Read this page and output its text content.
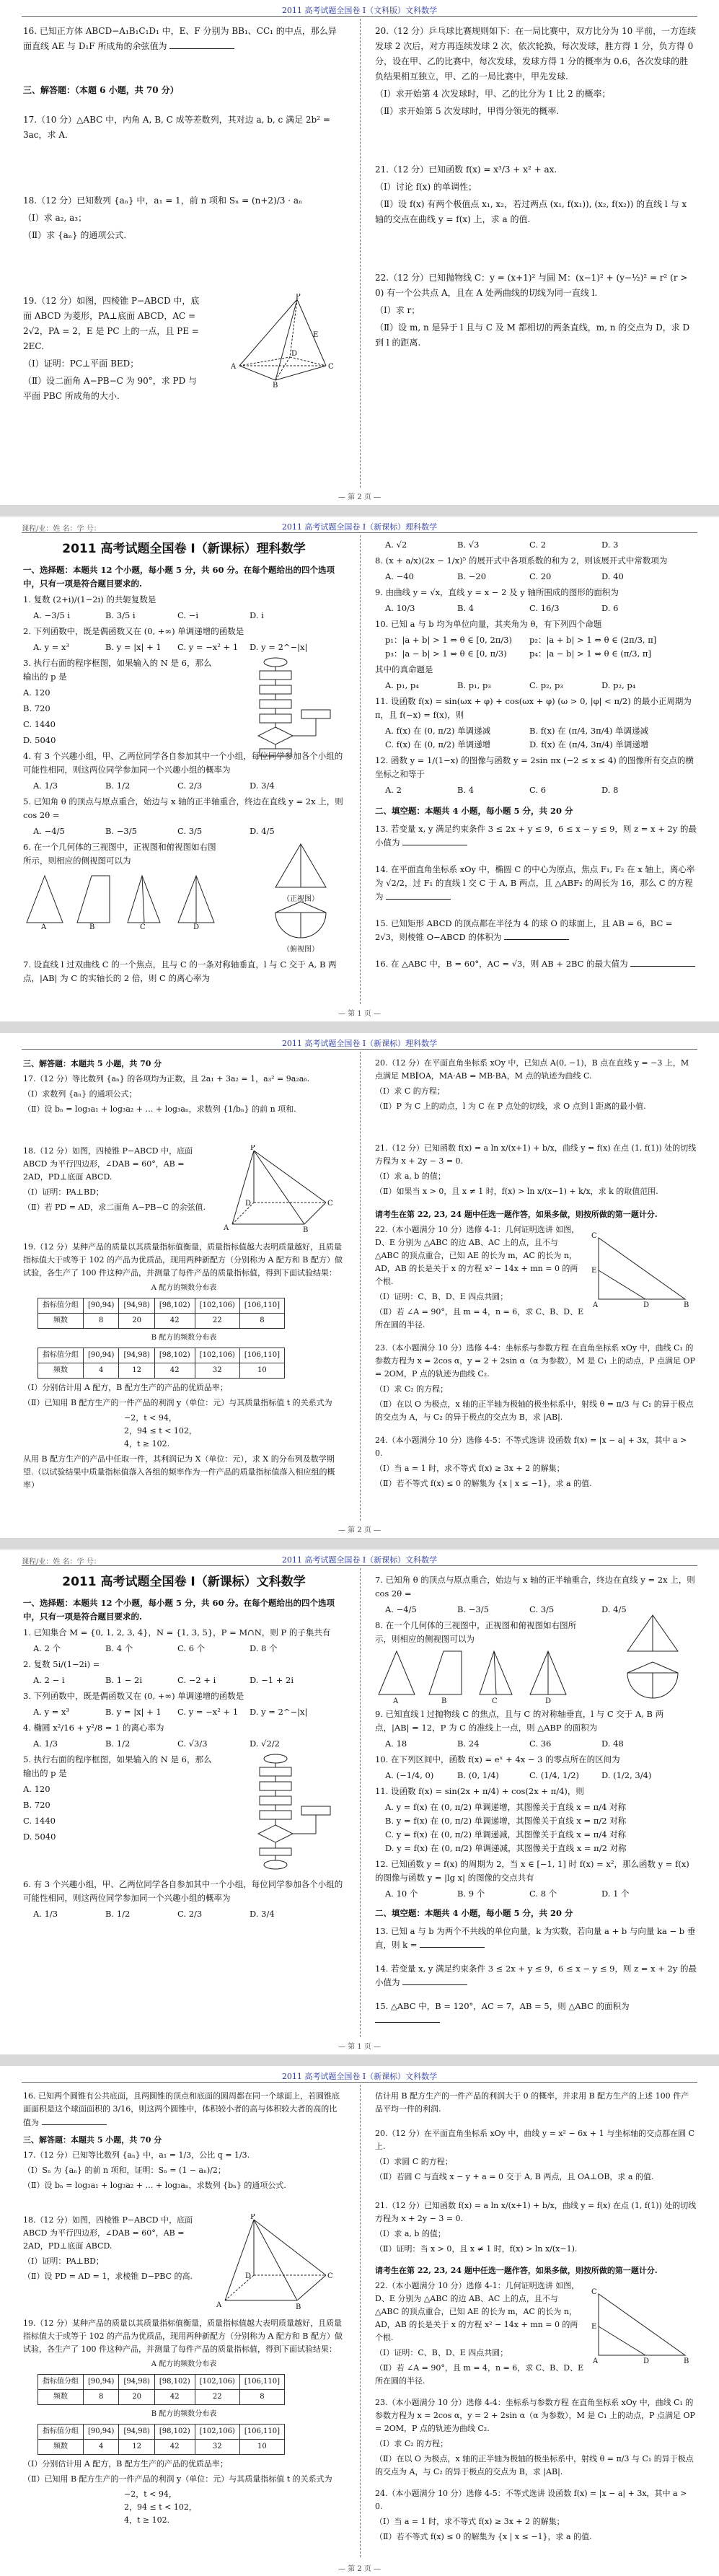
2011 高考试题全国卷 I（文科版）文科数学
16. 已知正方体 ABCD−A₁B₁C₁D₁ 中，E、F 分别为 BB₁、CC₁ 的中点，那么异面直线 AE 与 D₁F 所成角的余弦值为
三、解答题：（本题 6 小题，共 70 分）
17.（10 分）△ABC 中，内角 A, B, C 成等差数列，其对边 a, b, c 满足 2b² = 3ac，求 A.
18.（12 分）已知数列 {aₙ} 中，a₁ = 1，前 n 项和 Sₙ = (n+2)/3 · aₙ
（Ⅰ）求 a₂, a₃；
（Ⅱ）求 {aₙ} 的通项公式.
19.（12 分）如图，四棱锥 P−ABCD 中，底面 ABCD 为菱形，PA⊥底面 ABCD，AC = 2√2，PA = 2，E 是 PC 上的一点，且 PE = 2EC.
（Ⅰ）证明：PC⊥平面 BED；
（Ⅱ）设二面角 A−PB−C 为 90°，求 PD 与平面 PBC 所成角的大小.
P
A
B
C
D
E
20.（12 分）乒乓球比赛规则如下：在一局比赛中，双方比分为 10 平前，一方连续发球 2 次后，对方再连续发球 2 次，依次轮换，每次发球，胜方得 1 分，负方得 0 分，设在甲、乙的比赛中，每次发球，发球方得 1 分的概率为 0.6，各次发球的胜负结果相互独立，甲、乙的一局比赛中，甲先发球.
（Ⅰ）求开始第 4 次发球时，甲、乙的比分为 1 比 2 的概率；
（Ⅱ）求开始第 5 次发球时，甲得分领先的概率.
21.（12 分）已知函数 f(x) = x³/3 + x² + ax.
（Ⅰ）讨论 f(x) 的单调性；
（Ⅱ）设 f(x) 有两个极值点 x₁, x₂，若过两点 (x₁, f(x₁)), (x₂, f(x₂)) 的直线 l 与 x 轴的交点在曲线 y = f(x) 上，求 a 的值.
22.（12 分）已知抛物线 C：y = (x+1)² 与圆 M：(x−1)² + (y−½)² = r² (r > 0) 有一个公共点 A，且在 A 处两曲线的切线为同一直线 l.
（Ⅰ）求 r；
（Ⅱ）设 m, n 是异于 l 且与 C 及 M 都相切的两条直线，m, n 的交点为 D，求 D 到 l 的距离.
— 第 2 页 —
课程/业：姓 名：学 号：	2011 高考试题全国卷 I（新课标）理科数学
2011 高考试题全国卷 I（新课标）理科数学
一、选择题：本题共 12 个小题，每小题 5 分，共 60 分。在每个题给出的四个选项中，只有一项是符合题目要求的.
1. 复数 (2+i)/(1−2i) 的共轭复数是
A. −3/5 i	B. 3/5 i	C. −i	D. i
2. 下列函数中，既是偶函数又在 (0, +∞) 单调递增的函数是
A. y = x³	B. y = |x| + 1	C. y = −x² + 1	D. y = 2^−|x|
3. 执行右面的程序框图，如果输入的 N 是 6，那么输出的 p 是
A. 120
B. 720
C. 1440
D. 5040
4. 有 3 个兴趣小组，甲、乙两位同学各自参加其中一个小组，每位同学参加各个小组的可能性相同，则这两位同学参加同一个兴趣小组的概率为
A. 1/3	B. 1/2	C. 2/3	D. 3/4
5. 已知角 θ 的顶点与原点重合，始边与 x 轴的正半轴重合，终边在直线 y = 2x 上，则 cos 2θ =
A. −4/5	B. −3/5	C. 3/5	D. 4/5
6. 在一个几何体的三视图中，正视图和俯视图如右图所示，则相应的侧视图可以为
A	B	C	D
（正视图）
（俯视图）
7. 设直线 l 过双曲线 C 的一个焦点，且与 C 的一条对称轴垂直，l 与 C 交于 A, B 两点，|AB| 为 C 的实轴长的 2 倍，则 C 的离心率为
A. √2	B. √3	C. 2	D. 3
8. (x + a/x)(2x − 1/x)⁵ 的展开式中各项系数的和为 2，则该展开式中常数项为
A. −40	B. −20	C. 20	D. 40
9. 由曲线 y = √x，直线 y = x − 2 及 y 轴所围成的图形的面积为
A. 10/3	B. 4	C. 16/3	D. 6
10. 已知 a 与 b 均为单位向量，其夹角为 θ，有下列四个命题
p₁：|a + b| > 1 ⇔ θ ∈ [0, 2π/3)	p₂：|a + b| > 1 ⇔ θ ∈ (2π/3, π]
p₃：|a − b| > 1 ⇔ θ ∈ [0, π/3)	p₄：|a − b| > 1 ⇔ θ ∈ (π/3, π]
其中的真命题是
A. p₁, p₄	B. p₁, p₃	C. p₂, p₃	D. p₂, p₄
11. 设函数 f(x) = sin(ωx + φ) + cos(ωx + φ) (ω > 0, |φ| < π/2) 的最小正周期为 π，且 f(−x) = f(x)，则
A. f(x) 在 (0, π/2) 单调递减	B. f(x) 在 (π/4, 3π/4) 单调递减
C. f(x) 在 (0, π/2) 单调递增	D. f(x) 在 (π/4, 3π/4) 单调递增
12. 函数 y = 1/(1−x) 的图像与函数 y = 2sin πx (−2 ≤ x ≤ 4) 的图像所有交点的横坐标之和等于
A. 2	B. 4	C. 6	D. 8
二、填空题：本题共 4 小题，每小题 5 分，共 20 分
13. 若变量 x, y 满足约束条件 3 ≤ 2x + y ≤ 9，6 ≤ x − y ≤ 9，则 z = x + 2y 的最小值为
14. 在平面直角坐标系 xOy 中，椭圆 C 的中心为原点，焦点 F₁, F₂ 在 x 轴上，离心率为 √2/2，过 F₁ 的直线 l 交 C 于 A, B 两点，且 △ABF₂ 的周长为 16，那么 C 的方程为
15. 已知矩形 ABCD 的顶点都在半径为 4 的球 O 的球面上，且 AB = 6，BC = 2√3，则棱锥 O−ABCD 的体积为
16. 在 △ABC 中，B = 60°，AC = √3，则 AB + 2BC 的最大值为
— 第 1 页 —
2011 高考试题全国卷 I（新课标）理科数学
三、解答题：本题共 5 小题，共 70 分
17.（12 分）等比数列 {aₙ} 的各项均为正数，且 2a₁ + 3a₂ = 1，a₃² = 9a₂a₆.
（Ⅰ）求数列 {aₙ} 的通项公式；
（Ⅱ）设 bₙ = log₃a₁ + log₃a₂ + … + log₃aₙ，求数列 {1/bₙ} 的前 n 项和.
18.（12 分）如图，四棱锥 P−ABCD 中，底面 ABCD 为平行四边形，∠DAB = 60°，AB = 2AD，PD⊥底面 ABCD.
（Ⅰ）证明：PA⊥BD；
（Ⅱ）若 PD = AD，求二面角 A−PB−C 的余弦值.
P
A	B
C
D
19.（12 分）某种产品的质量以其质量指标值衡量，质量指标值越大表明质量越好，且质量指标值大于或等于 102 的产品为优质品，现用两种新配方（分别称为 A 配方和 B 配方）做试验，各生产了 100 件这种产品，并测量了每件产品的质量指标值，得到下面试验结果：
A 配方的频数分布表
指标值分组	[90,94)	[94,98)	[98,102)	[102,106)	[106,110]
频数	8	20	42	22	8
B 配方的频数分布表
指标值分组	[90,94)	[94,98)	[98,102)	[102,106)	[106,110]
频数	4	12	42	32	10
（Ⅰ）分别估计用 A 配方，B 配方生产的产品的优质品率；
（Ⅱ）已知用 B 配方生产的一件产品的利润 y（单位：元）与其质量指标值 t 的关系式为
−2，t < 94，
2，94 ≤ t < 102，
4，t ≥ 102.
从用 B 配方生产的产品中任取一件，其利润记为 X（单位：元），求 X 的分布列及数学期望.（以试验结果中质量指标值落入各组的频率作为一件产品的质量指标值落入相应组的概率）
20.（12 分）在平面直角坐标系 xOy 中，已知点 A(0, −1)，B 点在直线 y = −3 上，M 点满足 MB∥OA，MA·AB = MB·BA，M 点的轨迹为曲线 C.
（Ⅰ）求 C 的方程；
（Ⅱ）P 为 C 上的动点，l 为 C 在 P 点处的切线，求 O 点到 l 距离的最小值.
21.（12 分）已知函数 f(x) = a ln x/(x+1) + b/x，曲线 y = f(x) 在点 (1, f(1)) 处的切线方程为 x + 2y − 3 = 0.
（Ⅰ）求 a, b 的值；
（Ⅱ）如果当 x > 0，且 x ≠ 1 时，f(x) > ln x/(x−1) + k/x，求 k 的取值范围.
请考生在第 22, 23, 24 题中任选一题作答，如果多做，则按所做的第一题计分.
22.（本小题满分 10 分）选修 4-1：几何证明选讲 如图，D、E 分别为 △ABC 的边 AB、AC 上的点，且不与 △ABC 的顶点重合，已知 AE 的长为 m，AC 的长为 n，AD，AB 的长是关于 x 的方程 x² − 14x + mn = 0 的两个根.
（Ⅰ）证明：C、B、D、E 四点共圆；
（Ⅱ）若 ∠A = 90°，且 m = 4，n = 6，求 C、B、D、E 所在圆的半径.
C
E
A	D	B
23.（本小题满分 10 分）选修 4-4：坐标系与参数方程 在直角坐标系 xOy 中，曲线 C₁ 的参数方程为 x = 2cos α，y = 2 + 2sin α（α 为参数），M 是 C₁ 上的动点，P 点满足 OP = 2OM，P 点的轨迹为曲线 C₂.
（Ⅰ）求 C₂ 的方程；
（Ⅱ）在以 O 为极点，x 轴的正半轴为极轴的极坐标系中，射线 θ = π/3 与 C₁ 的异于极点的交点为 A，与 C₂ 的异于极点的交点为 B，求 |AB|.
24.（本小题满分 10 分）选修 4-5：不等式选讲 设函数 f(x) = |x − a| + 3x，其中 a > 0.
（Ⅰ）当 a = 1 时，求不等式 f(x) ≥ 3x + 2 的解集；
（Ⅱ）若不等式 f(x) ≤ 0 的解集为 {x | x ≤ −1}，求 a 的值.
— 第 2 页 —
课程/业：姓 名：学 号：	2011 高考试题全国卷 I（新课标）文科数学
2011 高考试题全国卷 I（新课标）文科数学
一、选择题：本题共 12 个小题，每小题 5 分，共 60 分。在每个题给出的四个选项中，只有一项是符合题目要求的.
1. 已知集合 M = {0, 1, 2, 3, 4}，N = {1, 3, 5}，P = M∩N，则 P 的子集共有
A. 2 个	B. 4 个	C. 6 个	D. 8 个
2. 复数 5i/(1−2i) =
A. 2 − i	B. 1 − 2i	C. −2 + i	D. −1 + 2i
3. 下列函数中，既是偶函数又在 (0, +∞) 单调递增的函数是
A. y = x³	B. y = |x| + 1	C. y = −x² + 1	D. y = 2^−|x|
4. 椭圆 x²/16 + y²/8 = 1 的离心率为
A. 1/3	B. 1/2	C. √3/3	D. √2/2
5. 执行右面的程序框图，如果输入的 N 是 6，那么输出的 p 是
A. 120
B. 720
C. 1440
D. 5040
6. 有 3 个兴趣小组，甲、乙两位同学各自参加其中一个小组，每位同学参加各个小组的可能性相同，则这两位同学参加同一个兴趣小组的概率为
A. 1/3	B. 1/2	C. 2/3	D. 3/4
7. 已知角 θ 的顶点与原点重合，始边与 x 轴的正半轴重合，终边在直线 y = 2x 上，则 cos 2θ =
A. −4/5	B. −3/5	C. 3/5	D. 4/5
8. 在一个几何体的三视图中，正视图和俯视图如右图所示，则相应的侧视图可以为
A	B	C	D
9. 已知直线 l 过抛物线 C 的焦点，且与 C 的对称轴垂直，l 与 C 交于 A, B 两点，|AB| = 12，P 为 C 的准线上一点，则 △ABP 的面积为
A. 18	B. 24	C. 36	D. 48
10. 在下列区间中，函数 f(x) = eˣ + 4x − 3 的零点所在的区间为
A. (−1/4, 0)	B. (0, 1/4)	C. (1/4, 1/2)	D. (1/2, 3/4)
11. 设函数 f(x) = sin(2x + π/4) + cos(2x + π/4)，则
A. y = f(x) 在 (0, π/2) 单调递增，其图像关于直线 x = π/4 对称
B. y = f(x) 在 (0, π/2) 单调递增，其图像关于直线 x = π/2 对称
C. y = f(x) 在 (0, π/2) 单调递减，其图像关于直线 x = π/4 对称
D. y = f(x) 在 (0, π/2) 单调递减，其图像关于直线 x = π/2 对称
12. 已知函数 y = f(x) 的周期为 2，当 x ∈ [−1, 1] 时 f(x) = x²，那么函数 y = f(x) 的图像与函数 y = |lg x| 的图像的交点共有
A. 10 个	B. 9 个	C. 8 个	D. 1 个
二、填空题：本题共 4 小题，每小题 5 分，共 20 分
13. 已知 a 与 b 为两个不共线的单位向量，k 为实数，若向量 a + b 与向量 ka − b 垂直，则 k =
14. 若变量 x, y 满足约束条件 3 ≤ 2x + y ≤ 9，6 ≤ x − y ≤ 9，则 z = x + 2y 的最小值为
15. △ABC 中，B = 120°，AC = 7，AB = 5，则 △ABC 的面积为
— 第 1 页 —
2011 高考试题全国卷 I（新课标）文科数学
16. 已知两个圆锥有公共底面，且两圆锥的顶点和底面的圆周都在同一个球面上，若圆锥底面面积是这个球面面积的 3/16，则这两个圆锥中，体积较小者的高与体积较大者的高的比值为
三、解答题：本题共 5 小题，共 70 分
17.（12 分）已知等比数列 {aₙ} 中，a₁ = 1/3，公比 q = 1/3.
（Ⅰ）Sₙ 为 {aₙ} 的前 n 项和，证明：Sₙ = (1 − aₙ)/2；
（Ⅱ）设 bₙ = log₃a₁ + log₃a₂ + … + log₃aₙ，求数列 {bₙ} 的通项公式.
18.（12 分）如图，四棱锥 P−ABCD 中，底面 ABCD 为平行四边形，∠DAB = 60°，AB = 2AD，PD⊥底面 ABCD.
（Ⅰ）证明：PA⊥BD；
（Ⅱ）设 PD = AD = 1，求棱锥 D−PBC 的高.
P
A	B
C
D
19.（12 分）某种产品的质量以其质量指标值衡量，质量指标值越大表明质量越好，且质量指标值大于或等于 102 的产品为优质品，现用两种新配方（分别称为 A 配方和 B 配方）做试验，各生产了 100 件这种产品，并测量了每件产品的质量指标值，得到下面试验结果：
A 配方的频数分布表
指标值分组	[90,94)	[94,98)	[98,102)	[102,106)	[106,110]
频数	8	20	42	22	8
B 配方的频数分布表
指标值分组	[90,94)	[94,98)	[98,102)	[102,106)	[106,110]
频数	4	12	42	32	10
（Ⅰ）分别估计用 A 配方，B 配方生产的产品的优质品率；
（Ⅱ）已知用 B 配方生产的一件产品的利润 y（单位：元）与其质量指标值 t 的关系式为
−2，t < 94，
2，94 ≤ t < 102，
4，t ≥ 102.
估计用 B 配方生产的一件产品的利润大于 0 的概率，并求用 B 配方生产的上述 100 件产品平均一件的利润.
20.（12 分）在平面直角坐标系 xOy 中，曲线 y = x² − 6x + 1 与坐标轴的交点都在圆 C 上.
（Ⅰ）求圆 C 的方程；
（Ⅱ）若圆 C 与直线 x − y + a = 0 交于 A, B 两点，且 OA⊥OB，求 a 的值.
21.（12 分）已知函数 f(x) = a ln x/(x+1) + b/x，曲线 y = f(x) 在点 (1, f(1)) 处的切线方程为 x + 2y − 3 = 0.
（Ⅰ）求 a, b 的值；
（Ⅱ）证明：当 x > 0，且 x ≠ 1 时，f(x) > ln x/(x−1).
请考生在第 22, 23, 24 题中任选一题作答，如果多做，则按所做的第一题计分.
22.（本小题满分 10 分）选修 4-1：几何证明选讲 如图，D、E 分别为 △ABC 的边 AB、AC 上的点，且不与 △ABC 的顶点重合，已知 AE 的长为 m，AC 的长为 n，AD，AB 的长是关于 x 的方程 x² − 14x + mn = 0 的两个根.
（Ⅰ）证明：C、B、D、E 四点共圆；
（Ⅱ）若 ∠A = 90°，且 m = 4，n = 6，求 C、B、D、E 所在圆的半径.
C
E
A	D	B
23.（本小题满分 10 分）选修 4-4：坐标系与参数方程 在直角坐标系 xOy 中，曲线 C₁ 的参数方程为 x = 2cos α，y = 2 + 2sin α（α 为参数），M 是 C₁ 上的动点，P 点满足 OP = 2OM，P 点的轨迹为曲线 C₂.
（Ⅰ）求 C₂ 的方程；
（Ⅱ）在以 O 为极点，x 轴的正半轴为极轴的极坐标系中，射线 θ = π/3 与 C₁ 的异于极点的交点为 A，与 C₂ 的异于极点的交点为 B，求 |AB|.
24.（本小题满分 10 分）选修 4-5：不等式选讲 设函数 f(x) = |x − a| + 3x，其中 a > 0.
（Ⅰ）当 a = 1 时，求不等式 f(x) ≥ 3x + 2 的解集；
（Ⅱ）若不等式 f(x) ≤ 0 的解集为 {x | x ≤ −1}，求 a 的值.
— 第 2 页 —
